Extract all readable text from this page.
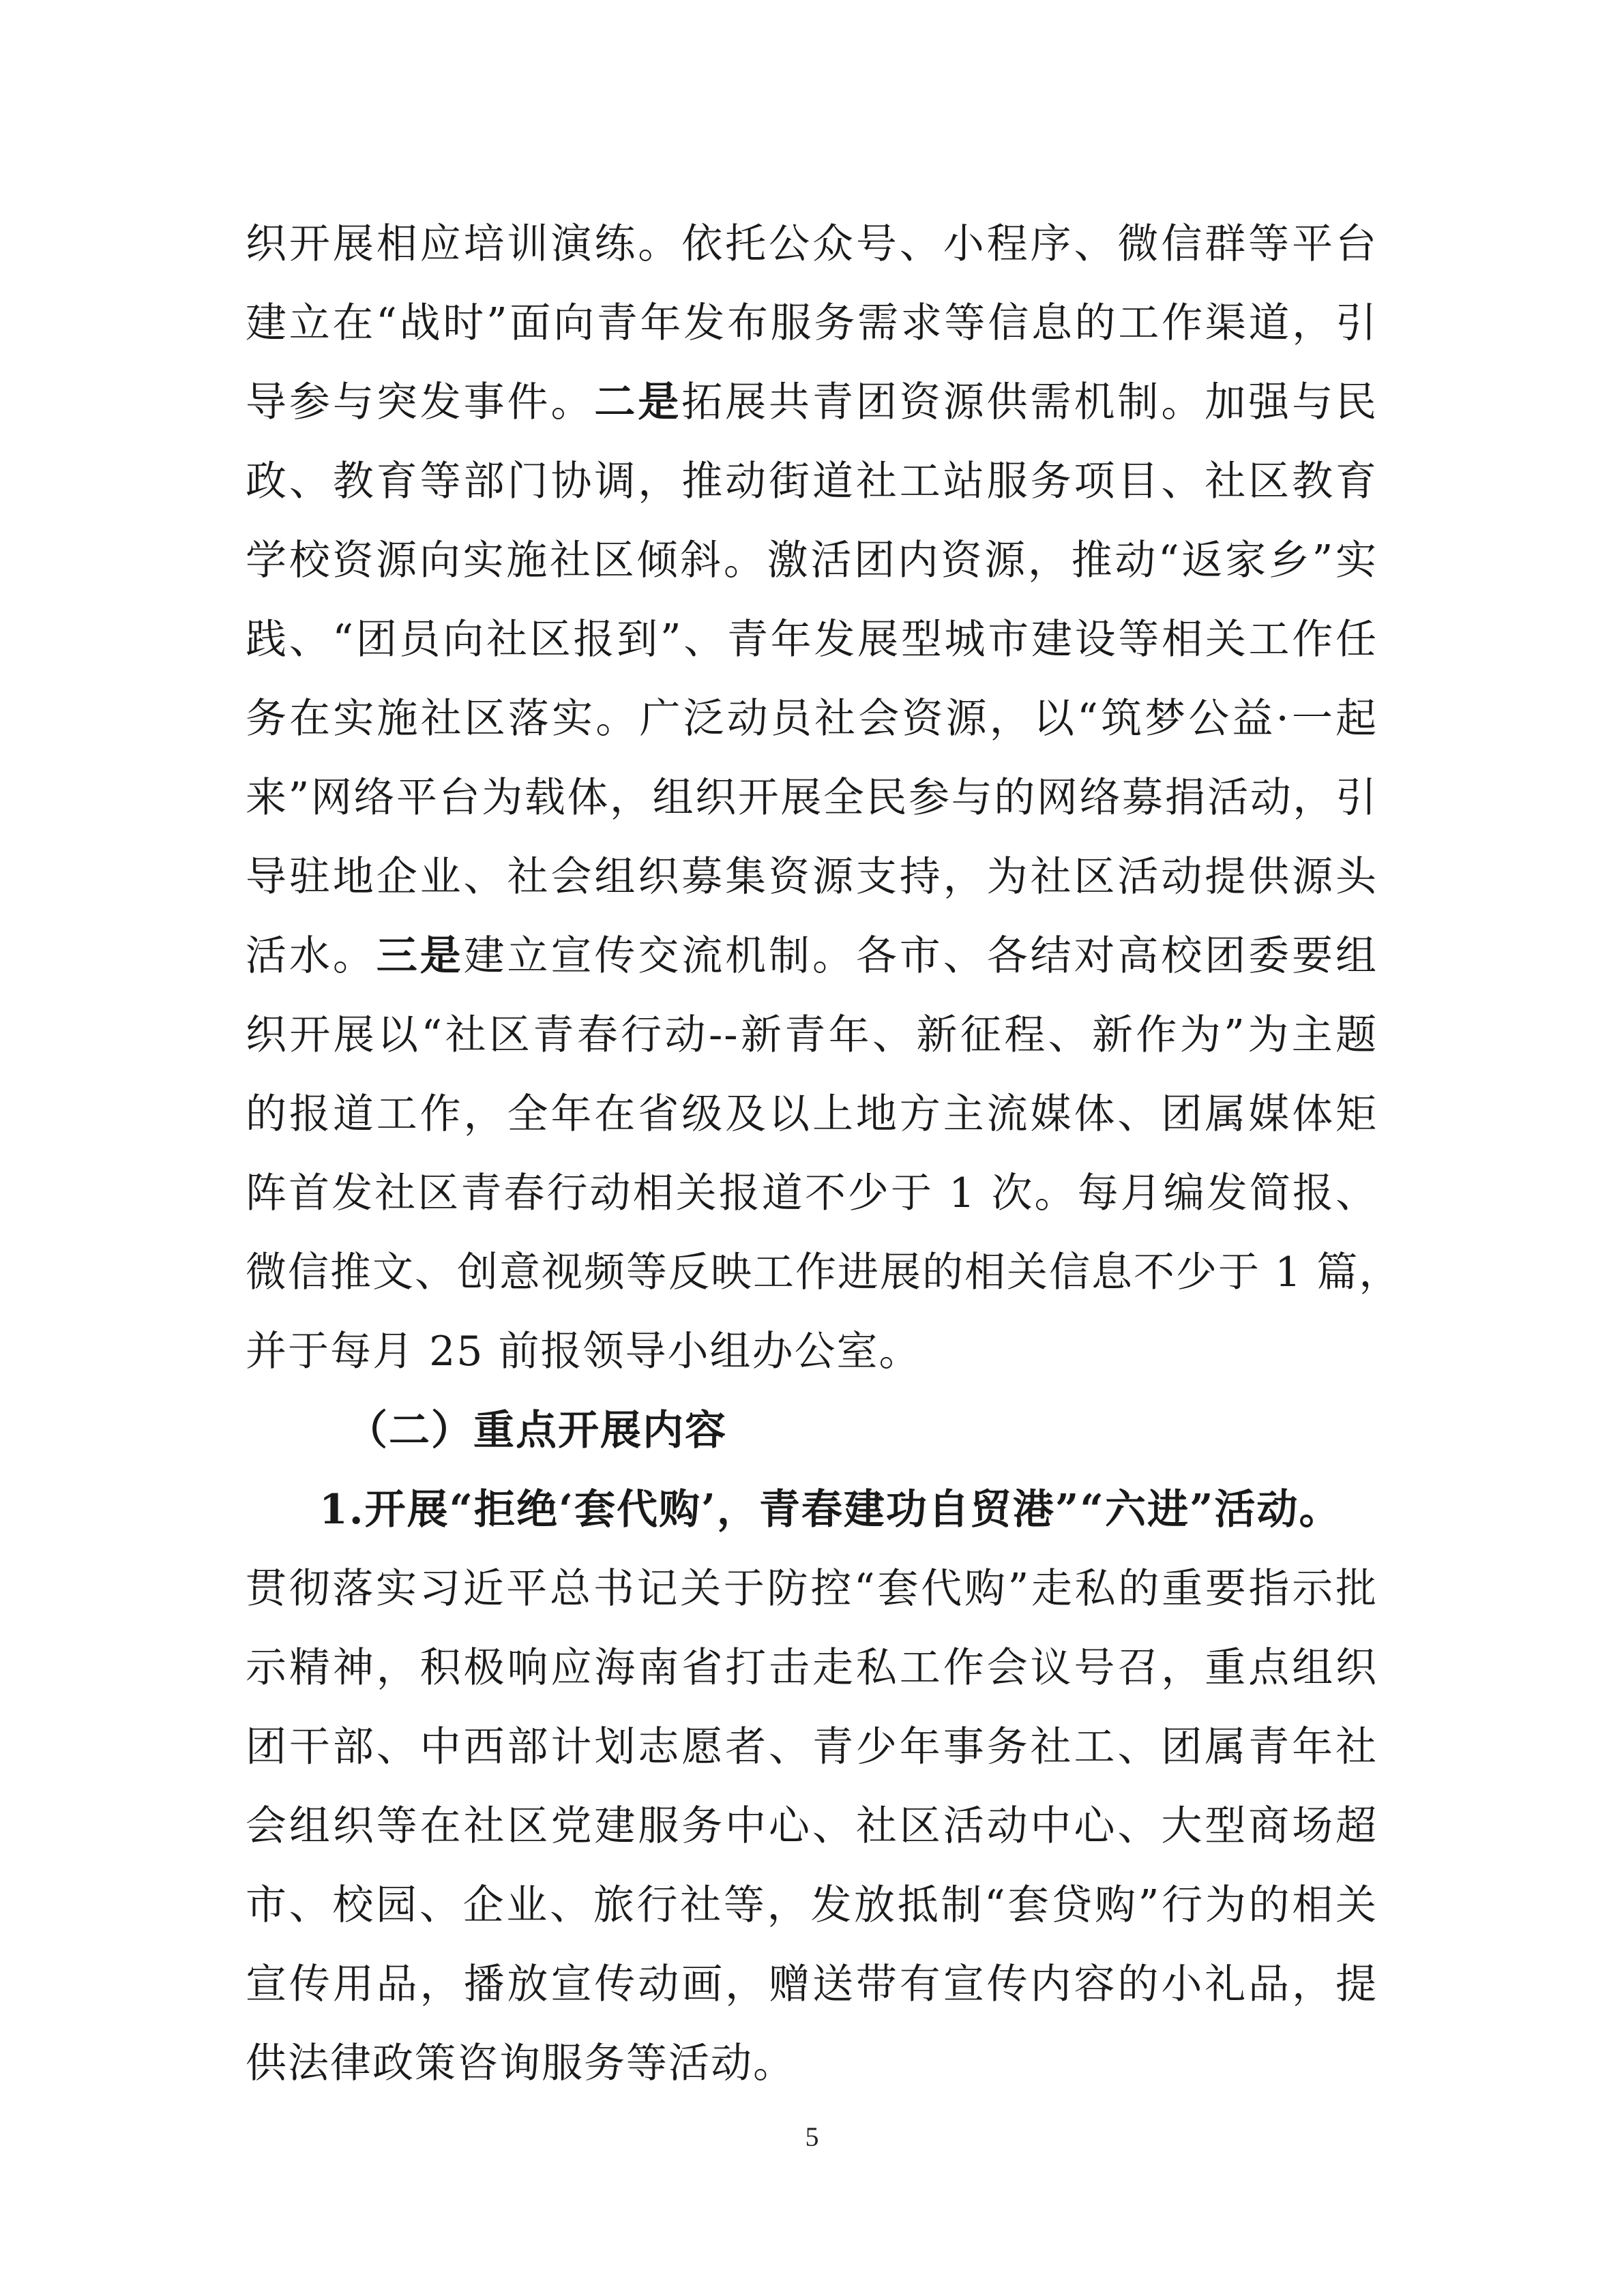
织开展相应培训演练。依托公众号、小程序、微信群等平台
建立在“战时”面向青年发布服务需求等信息的工作渠道，引
导参与突发事件。二是拓展共青团资源供需机制。加强与民
政、教育等部门协调，推动街道社工站服务项目、社区教育
学校资源向实施社区倾斜。激活团内资源，推动“返家乡”实
践、“团员向社区报到”、青年发展型城市建设等相关工作任
务在实施社区落实。广泛动员社会资源，以“筑梦公益·一起
来”网络平台为载体，组织开展全民参与的网络募捐活动，引
导驻地企业、社会组织募集资源支持，为社区活动提供源头
活水。三是建立宣传交流机制。各市、各结对高校团委要组
织开展以“社区青春行动--新青年、新征程、新作为”为主题
的报道工作，全年在省级及以上地方主流媒体、团属媒体矩
阵首发社区青春行动相关报道不少于 1 次。每月编发简报、
微信推文、创意视频等反映工作进展的相关信息不少于 1 篇，
并于每月 25 前报领导小组办公室。
（二）重点开展内容
1.开展“拒绝‘套代购’，青春建功自贸港”“六进”活动。
贯彻落实习近平总书记关于防控“套代购”走私的重要指示批
示精神，积极响应海南省打击走私工作会议号召，重点组织
团干部、中西部计划志愿者、青少年事务社工、团属青年社
会组织等在社区党建服务中心、社区活动中心、大型商场超
市、校园、企业、旅行社等，发放抵制“套贷购”行为的相关
宣传用品，播放宣传动画，赠送带有宣传内容的小礼品，提
供法律政策咨询服务等活动。
5
